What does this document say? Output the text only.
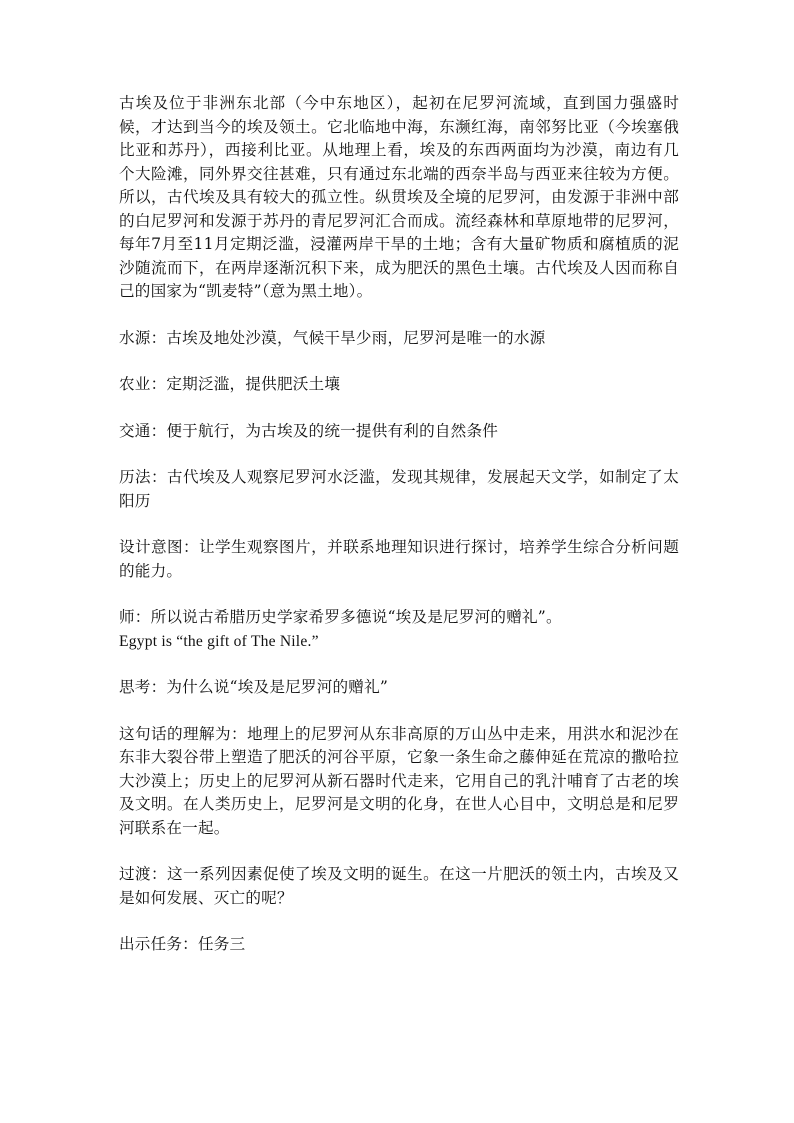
古埃及位于非洲东北部（今中东地区），起初在尼罗河流域，直到国力强盛时候，才达到当今的埃及领土。它北临地中海，东濒红海，南邻努比亚（今埃塞俄比亚和苏丹），西接利比亚。从地理上看，埃及的东西两面均为沙漠，南边有几个大险滩，同外界交往甚难，只有通过东北端的西奈半岛与西亚来往较为方便。所以，古代埃及具有较大的孤立性。纵贯埃及全境的尼罗河，由发源于非洲中部的白尼罗河和发源于苏丹的青尼罗河汇合而成。流经森林和草原地带的尼罗河，每年7月至11月定期泛滥，浸灌两岸干旱的土地；含有大量矿物质和腐植质的泥沙随流而下，在两岸逐渐沉积下来，成为肥沃的黑色土壤。古代埃及人因而称自己的国家为“凯麦特”（意为黑土地）。

水源：古埃及地处沙漠，气候干旱少雨，尼罗河是唯一的水源

农业：定期泛滥，提供肥沃土壤

交通：便于航行，为古埃及的统一提供有利的自然条件

历法：古代埃及人观察尼罗河水泛滥，发现其规律，发展起天文学，如制定了太阳历

设计意图：让学生观察图片，并联系地理知识进行探讨，培养学生综合分析问题的能力。

师：所以说古希腊历史学家希罗多德说“埃及是尼罗河的赠礼”。

Egypt is “the gift of The Nile.”

思考：为什么说“埃及是尼罗河的赠礼”

这句话的理解为：地理上的尼罗河从东非高原的万山丛中走来，用洪水和泥沙在东非大裂谷带上塑造了肥沃的河谷平原，它象一条生命之藤伸延在荒凉的撒哈拉大沙漠上；历史上的尼罗河从新石器时代走来，它用自己的乳汁哺育了古老的埃及文明。在人类历史上，尼罗河是文明的化身，在世人心目中，文明总是和尼罗河联系在一起。

过渡：这一系列因素促使了埃及文明的诞生。在这一片肥沃的领土内，古埃及又是如何发展、灭亡的呢？

出示任务：任务三
